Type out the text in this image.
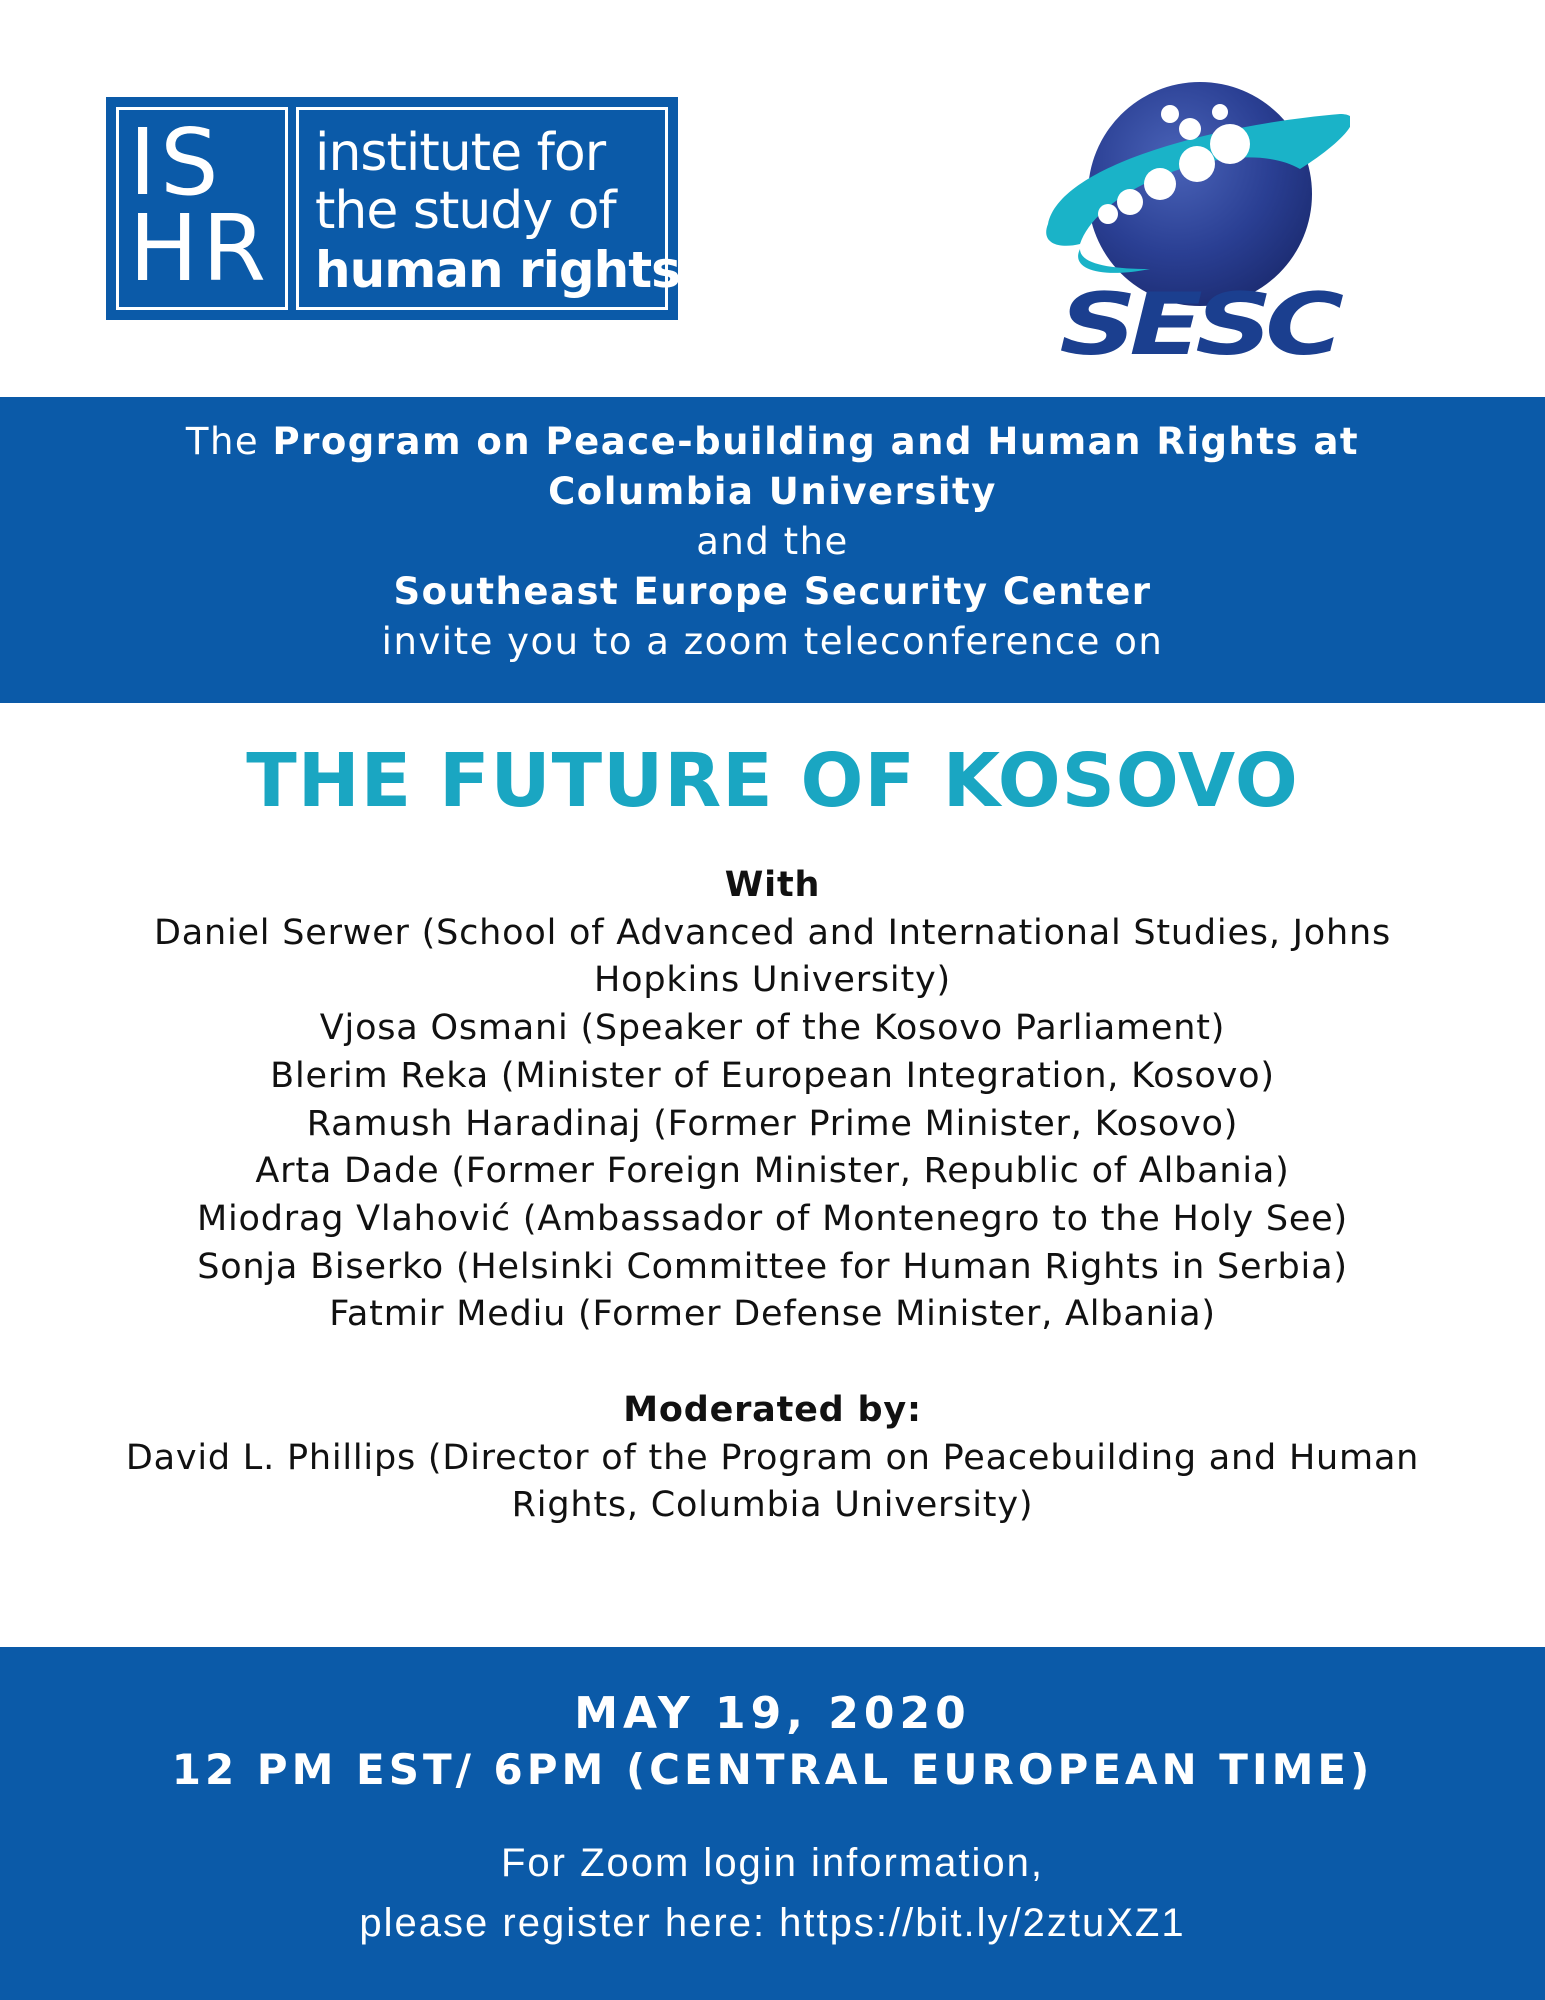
IS
HR
institute for
the study of
human rights
SESC
The Program on Peace-building and Human Rights at
Columbia University
and the
Southeast Europe Security Center
invite you to a zoom teleconference on
THE FUTURE OF KOSOVO
With
Daniel Serwer (School of Advanced and International Studies, Johns
Hopkins University)
Vjosa Osmani (Speaker of the Kosovo Parliament)
Blerim Reka (Minister of European Integration, Kosovo)
Ramush Haradinaj (Former Prime Minister, Kosovo)
Arta Dade (Former Foreign Minister, Republic of Albania)
Miodrag Vlahović (Ambassador of Montenegro to the Holy See)
Sonja Biserko (Helsinki Committee for Human Rights in Serbia)
Fatmir Mediu (Former Defense Minister, Albania)
Moderated by:
David L. Phillips (Director of the Program on Peacebuilding and Human
Rights, Columbia University)
MAY 19, 2020
12 PM EST/ 6PM (CENTRAL EUROPEAN TIME)
For Zoom login information,
please register here: https://bit.ly/2ztuXZ1
